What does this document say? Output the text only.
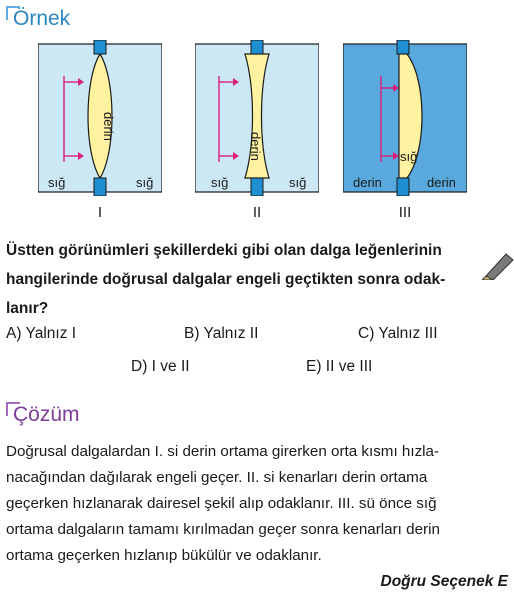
Örnek
derin
sığ	sığ
derin
sığ	sığ
sığ
derin	derin
I	II	III
Üstten görünümleri şekillerdeki gibi olan dalga leğenlerinin
hangilerinde doğrusal dalgalar engeli geçtikten sonra odak-
lanır?
A) Yalnız I	B) Yalnız II	C) Yalnız III
D) I ve II	E) II ve III
Çözüm
Doğrusal dalgalardan I. si derin ortama girerken orta kısmı hızla-
nacağından dağılarak engeli geçer. II. si kenarları derin ortama
geçerken hızlanarak dairesel şekil alıp odaklanır. III. sü önce sığ
ortama dalgaların tamamı kırılmadan geçer sonra kenarları derin
ortama geçerken hızlanıp bükülür ve odaklanır.
Doğru Seçenek E
